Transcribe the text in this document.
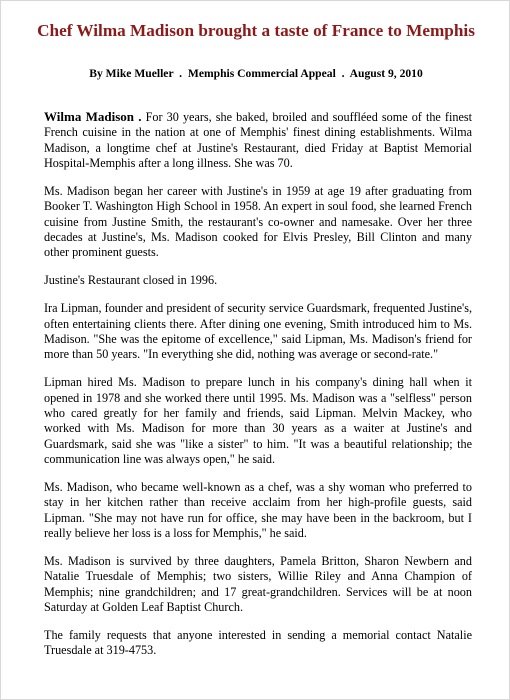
Chef Wilma Madison brought a taste of France to Memphis
By Mike Mueller  .  Memphis Commercial Appeal  .  August 9, 2010

Wilma Madison . For 30 years, she baked, broiled and souffléed some of the finest French cuisine in the nation at one of Memphis' finest dining establishments. Wilma Madison, a longtime chef at Justine's Restaurant, died Friday at Baptist Memorial Hospital-Memphis after a long illness. She was 70.

Ms. Madison began her career with Justine's in 1959 at age 19 after graduating from Booker T. Washington High School in 1958. An expert in soul food, she learned French cuisine from Justine Smith, the restaurant's co-owner and namesake. Over her three decades at Justine's, Ms. Madison cooked for Elvis Presley, Bill Clinton and many other prominent guests.

Justine's Restaurant closed in 1996.

Ira Lipman, founder and president of security service Guardsmark, frequented Justine's, often entertaining clients there. After dining one evening, Smith introduced him to Ms. Madison. "She was the epitome of excellence," said Lipman, Ms. Madison's friend for more than 50 years. "In everything she did, nothing was average or second-rate."

Lipman hired Ms. Madison to prepare lunch in his company's dining hall when it opened in 1978 and she worked there until 1995. Ms. Madison was a "selfless" person who cared greatly for her family and friends, said Lipman. Melvin Mackey, who worked with Ms. Madison for more than 30 years as a waiter at Justine's and Guardsmark, said she was "like a sister" to him. "It was a beautiful relationship; the communication line was always open," he said.

Ms. Madison, who became well-known as a chef, was a shy woman who preferred to stay in her kitchen rather than receive acclaim from her high-profile guests, said Lipman. "She may not have run for office, she may have been in the backroom, but I really believe her loss is a loss for Memphis," he said.

Ms. Madison is survived by three daughters, Pamela Britton, Sharon Newbern and Natalie Truesdale of Memphis; two sisters, Willie Riley and Anna Champion of Memphis; nine grandchildren; and 17 great-grandchildren. Services will be at noon Saturday at Golden Leaf Baptist Church.

The family requests that anyone interested in sending a memorial contact Natalie Truesdale at 319-4753.
